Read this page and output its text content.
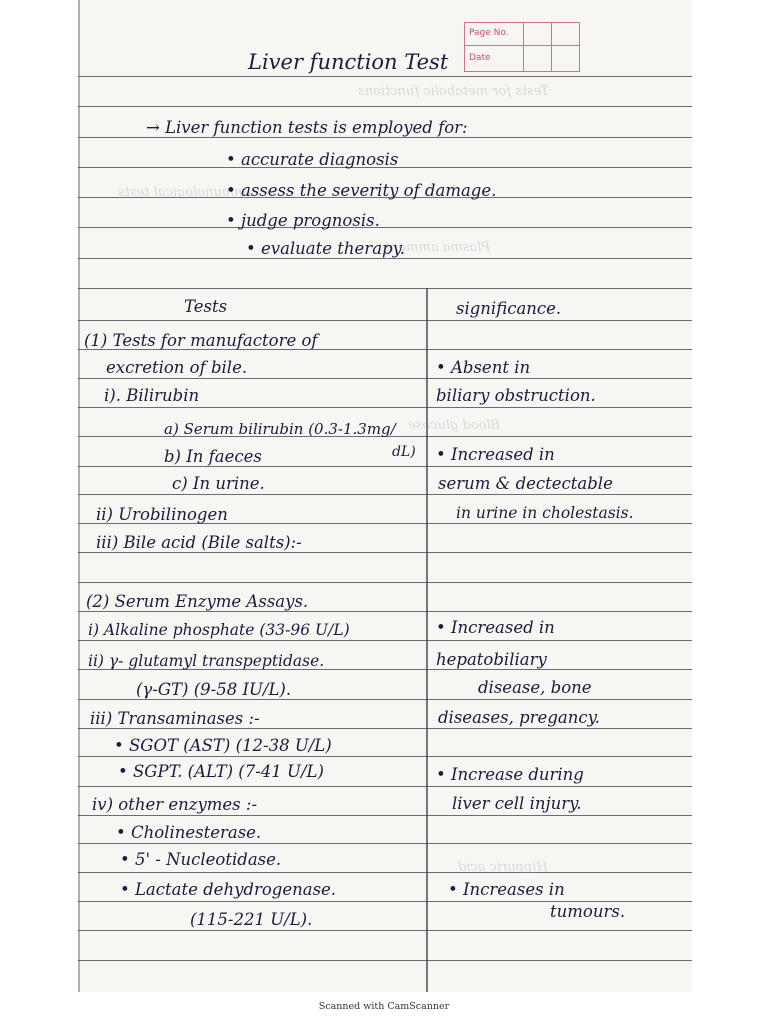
Page No.
Date
Tests for metabolic functions
Immunological tests
Plasma ammonia
Blood glucose
Hippuric acid
Liver function Test
→ Liver function tests is employed for:
• accurate diagnosis
• assess the severity of damage.
• judge prognosis.
• evaluate therapy.
Tests	significance.
(1) Tests for manufactore of
excretion of bile.
i). Bilirubin
a) Serum bilirubin (0.3-1.3mg/
b) In faeces	dL)
c) In urine.
ii) Urobilinogen
iii) Bile acid (Bile salts):-
(2) Serum Enzyme Assays.
i) Alkaline phosphate (33-96 U/L)
ii) γ- glutamyl transpeptidase.
(γ-GT) (9-58 IU/L).
iii) Transaminases :-
• SGOT (AST) (12-38 U/L)
• SGPT. (ALT) (7-41 U/L)
iv) other enzymes :-
• Cholinesterase.
• 5' - Nucleotidase.
• Lactate dehydrogenase.
(115-221 U/L).
• Absent in
biliary obstruction.
• Increased in
serum & dectectable
in urine in cholestasis.
• Increased in
hepatobiliary
disease, bone
diseases, pregancy.
• Increase during
liver cell injury.
• Increases in
tumours.
Scanned with CamScanner
